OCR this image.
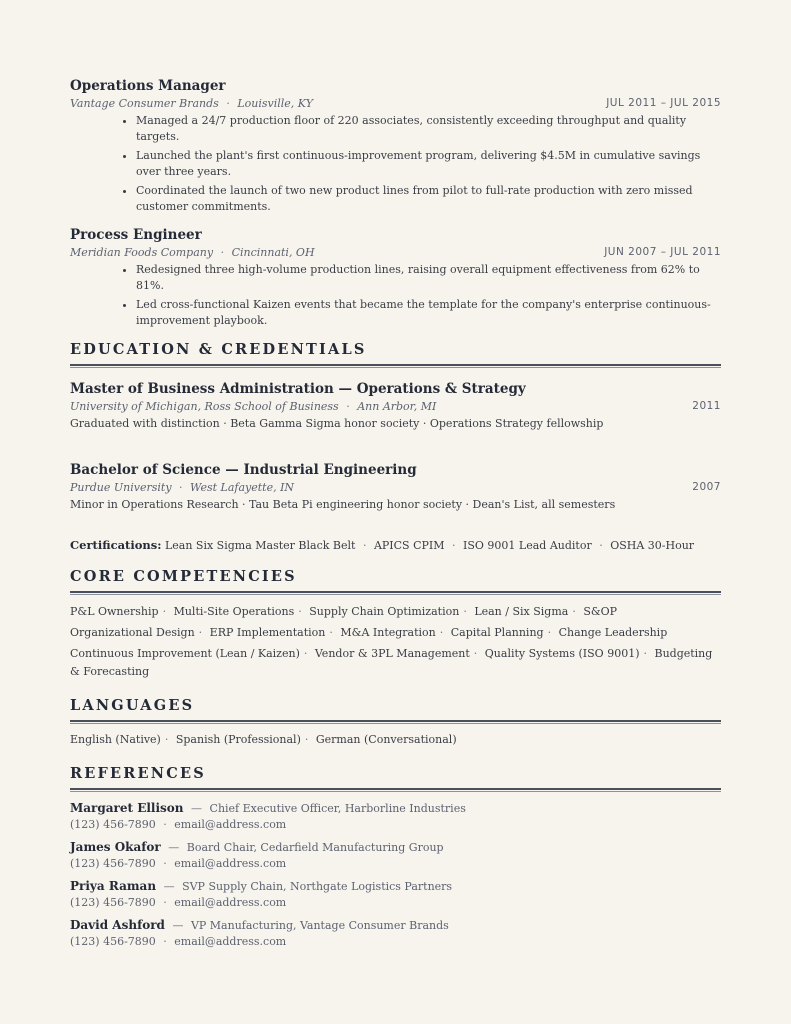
Operations Manager
Vantage Consumer Brands · Louisville, KY	JUL 2011 – JUL 2015
• Managed a 24/7 production floor of 220 associates, consistently exceeding throughput and quality targets.
• Launched the plant's first continuous-improvement program, delivering $4.5M in cumulative savings over three years.
• Coordinated the launch of two new product lines from pilot to full-rate production with zero missed customer commitments.
Process Engineer
Meridian Foods Company · Cincinnati, OH	JUN 2007 – JUL 2011
• Redesigned three high-volume production lines, raising overall equipment effectiveness from 62% to 81%.
• Led cross-functional Kaizen events that became the template for the company's enterprise continuous-improvement playbook.
EDUCATION & CREDENTIALS
Master of Business Administration — Operations & Strategy
University of Michigan, Ross School of Business · Ann Arbor, MI	2011
Graduated with distinction · Beta Gamma Sigma honor society · Operations Strategy fellowship
Bachelor of Science — Industrial Engineering
Purdue University · West Lafayette, IN	2007
Minor in Operations Research · Tau Beta Pi engineering honor society · Dean's List, all semesters
Certifications: Lean Six Sigma Master Black Belt · APICS CPIM · ISO 9001 Lead Auditor · OSHA 30-Hour
CORE COMPETENCIES
P&L Ownership · Multi-Site Operations · Supply Chain Optimization · Lean / Six Sigma · S&OP
Organizational Design · ERP Implementation · M&A Integration · Capital Planning · Change Leadership
Continuous Improvement (Lean / Kaizen) · Vendor & 3PL Management · Quality Systems (ISO 9001) · Budgeting & Forecasting
LANGUAGES
English (Native) · Spanish (Professional) · German (Conversational)
REFERENCES
Margaret Ellison — Chief Executive Officer, Harborline Industries
(123) 456-7890 · email@address.com
James Okafor — Board Chair, Cedarfield Manufacturing Group
(123) 456-7890 · email@address.com
Priya Raman — SVP Supply Chain, Northgate Logistics Partners
(123) 456-7890 · email@address.com
David Ashford — VP Manufacturing, Vantage Consumer Brands
(123) 456-7890 · email@address.com
